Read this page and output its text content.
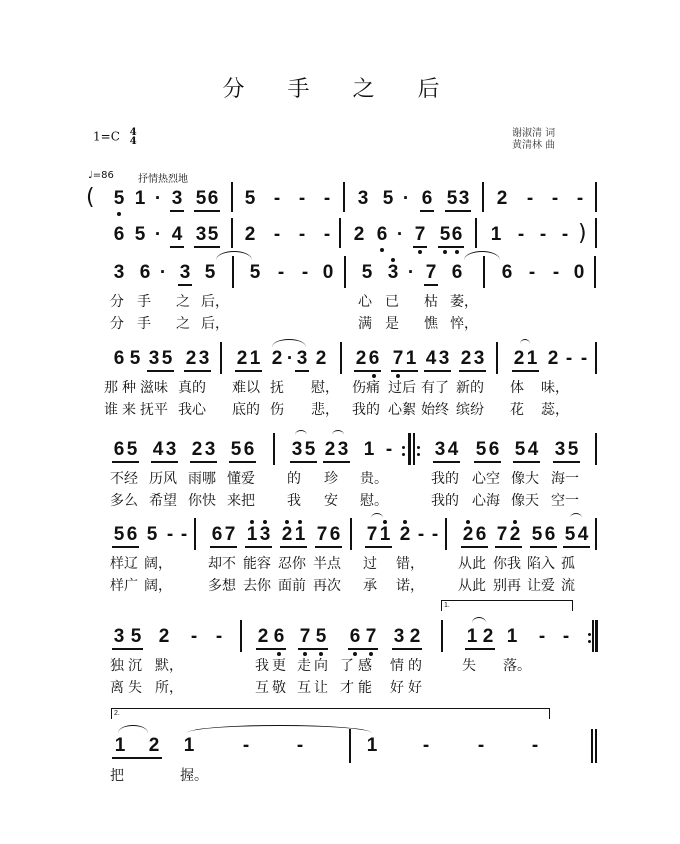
分 手 之 后
1=C 4
4
谢淑清 词
黄清林 曲
♩=86 抒情热烈地
( 5 1 · 3 5 6 5 - - - 3 5 · 6 5 3 2 - - -
6 5 · 4 3 5 2 - - - 2 6 · 7 5 6 1 - - - )
3 6 · 3 5 5 - - 0 5 3 · 7 6 6 - - 0
分 手 之 后，	心 已 枯 萎，
分 手 之 后，	满 是 憔 悴，
6 5 3 5 2 3 2 1 2 · 3 2 2 6 7 1 4 3 2 3 2 1 2 - -
那 种 滋味 真的 难以 抚 慰， 伤痛 过后 有了 新的 体 味，
谁 来 抚平 我心 底的 伤 悲， 我的 心絮 始终 缤纷 花 蕊，
6 5 4 3 2 3 5 6 3 5 2 3 1 - 3 4 5 6 5 4 3 5
不经 历风 雨哪 懂爱 的 珍 贵。	我的 心空 像大 海一
多么 希望 你快 来把 我 安 慰。	我的 心海 像天 空一
5 6 5 - - 6 7 1 3 2 1 7 6 7 1 2 - - 2 6 7 2 5 6 5 4
样辽 阔，	却不 能容 忍你 半点 过 错， 从此 你我 陷入 孤
样广 阔，	多想 去你 面前 再次 承 诺， 从此 别再 让爱 流
1.
3 5 2 - - 2 6 7 5 6 7 3 2 1 2 1 - -
独 沉 默，	我 更 走 向 了 感 情 的	失 落。
离 失 所，	互 敬 互 让 才 能 好 好
2.
1 2 1	-	-	1 -	-	-
把	握。
